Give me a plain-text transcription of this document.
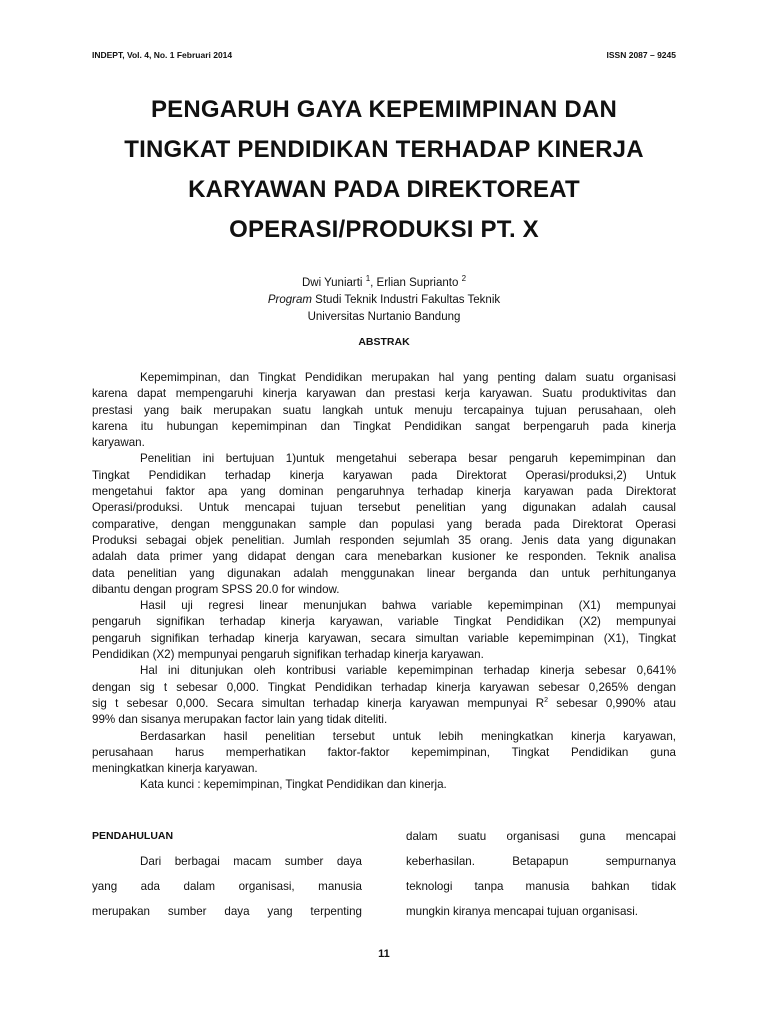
INDEPT, Vol. 4, No. 1 Februari 2014	ISSN 2087 – 9245
PENGARUH GAYA KEPEMIMPINAN DAN
TINGKAT PENDIDIKAN TERHADAP KINERJA
KARYAWAN PADA DIREKTOREAT
OPERASI/PRODUKSI PT. X
Dwi Yuniarti $^1$, Erlian Suprianto $^2$
Program Studi Teknik Industri Fakultas Teknik
Universitas Nurtanio Bandung
ABSTRAK
Kepemimpinan, dan Tingkat Pendidikan merupakan hal yang penting dalam suatu organisasi
karena dapat mempengaruhi kinerja karyawan dan prestasi kerja karyawan. Suatu produktivitas dan
prestasi yang baik merupakan suatu langkah untuk menuju tercapainya tujuan perusahaan, oleh
karena itu hubungan kepemimpinan dan Tingkat Pendidikan sangat berpengaruh pada kinerja
karyawan.
Penelitian ini bertujuan 1)untuk mengetahui seberapa besar pengaruh kepemimpinan dan
Tingkat Pendidikan terhadap kinerja karyawan pada Direktorat Operasi/produksi,2) Untuk
mengetahui faktor apa yang dominan pengaruhnya terhadap kinerja karyawan pada Direktorat
Operasi/produksi. Untuk mencapai tujuan tersebut penelitian yang digunakan adalah causal
comparative, dengan menggunakan sample dan populasi yang berada pada Direktorat Operasi
Produksi sebagai objek penelitian. Jumlah responden sejumlah 35 orang. Jenis data yang digunakan
adalah data primer yang didapat dengan cara menebarkan kusioner ke responden. Teknik analisa
data penelitian yang digunakan adalah menggunakan linear berganda dan untuk perhitunganya
dibantu dengan program SPSS 20.0 for window.
Hasil uji regresi linear menunjukan bahwa variable kepemimpinan (X1) mempunyai
pengaruh signifikan terhadap kinerja karyawan, variable Tingkat Pendidikan (X2) mempunyai
pengaruh signifikan terhadap kinerja karyawan, secara simultan variable kepemimpinan (X1), Tingkat
Pendidikan (X2) mempunyai pengaruh signifikan terhadap kinerja karyawan.
Hal ini ditunjukan oleh kontribusi variable kepemimpinan terhadap kinerja sebesar 0,641%
dengan sig t sebesar 0,000. Tingkat Pendidikan terhadap kinerja karyawan sebesar 0,265% dengan
sig t sebesar 0,000. Secara simultan terhadap kinerja karyawan mempunyai $R^2$ sebesar 0,990% atau
99% dan sisanya merupakan factor lain yang tidak diteliti.
Berdasarkan hasil penelitian tersebut untuk lebih meningkatkan kinerja karyawan,
perusahaan harus memperhatikan faktor-faktor kepemimpinan, Tingkat Pendidikan guna
meningkatkan kinerja karyawan.
Kata kunci : kepemimpinan, Tingkat Pendidikan dan kinerja.
PENDAHULUAN
Dari berbagai macam sumber daya
yang ada dalam organisasi, manusia
merupakan sumber daya yang terpenting
dalam suatu organisasi guna mencapai
keberhasilan. Betapapun sempurnanya
teknologi tanpa manusia bahkan tidak
mungkin kiranya mencapai tujuan organisasi.
11
